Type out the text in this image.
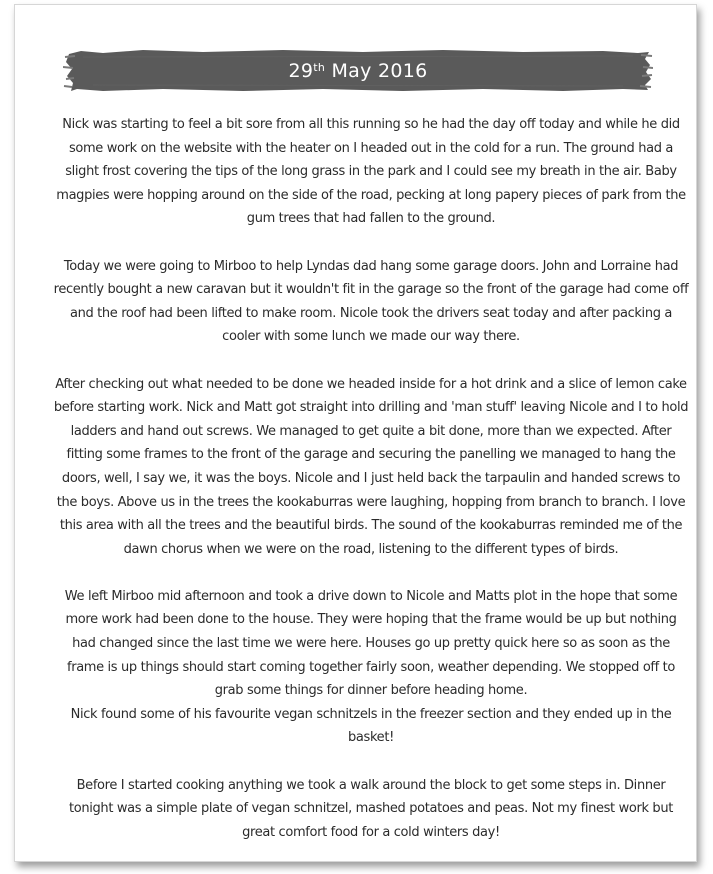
29th May 2016

Nick was starting to feel a bit sore from all this running so he had the day off today and while he did some work on the website with the heater on I headed out in the cold for a run. The ground had a slight frost covering the tips of the long grass in the park and I could see my breath in the air. Baby magpies were hopping around on the side of the road, pecking at long papery pieces of park from the gum trees that had fallen to the ground.

Today we were going to Mirboo to help Lyndas dad hang some garage doors. John and Lorraine had recently bought a new caravan but it wouldn't fit in the garage so the front of the garage had come off and the roof had been lifted to make room. Nicole took the drivers seat today and after packing a cooler with some lunch we made our way there.

After checking out what needed to be done we headed inside for a hot drink and a slice of lemon cake before starting work. Nick and Matt got straight into drilling and 'man stuff' leaving Nicole and I to hold ladders and hand out screws. We managed to get quite a bit done, more than we expected. After fitting some frames to the front of the garage and securing the panelling we managed to hang the doors, well, I say we, it was the boys. Nicole and I just held back the tarpaulin and handed screws to the boys. Above us in the trees the kookaburras were laughing, hopping from branch to branch. I love this area with all the trees and the beautiful birds. The sound of the kookaburras reminded me of the dawn chorus when we were on the road, listening to the different types of birds.

We left Mirboo mid afternoon and took a drive down to Nicole and Matts plot in the hope that some more work had been done to the house. They were hoping that the frame would be up but nothing had changed since the last time we were here. Houses go up pretty quick here so as soon as the frame is up things should start coming together fairly soon, weather depending. We stopped off to grab some things for dinner before heading home.
Nick found some of his favourite vegan schnitzels in the freezer section and they ended up in the basket!

Before I started cooking anything we took a walk around the block to get some steps in. Dinner tonight was a simple plate of vegan schnitzel, mashed potatoes and peas. Not my finest work but great comfort food for a cold winters day!
